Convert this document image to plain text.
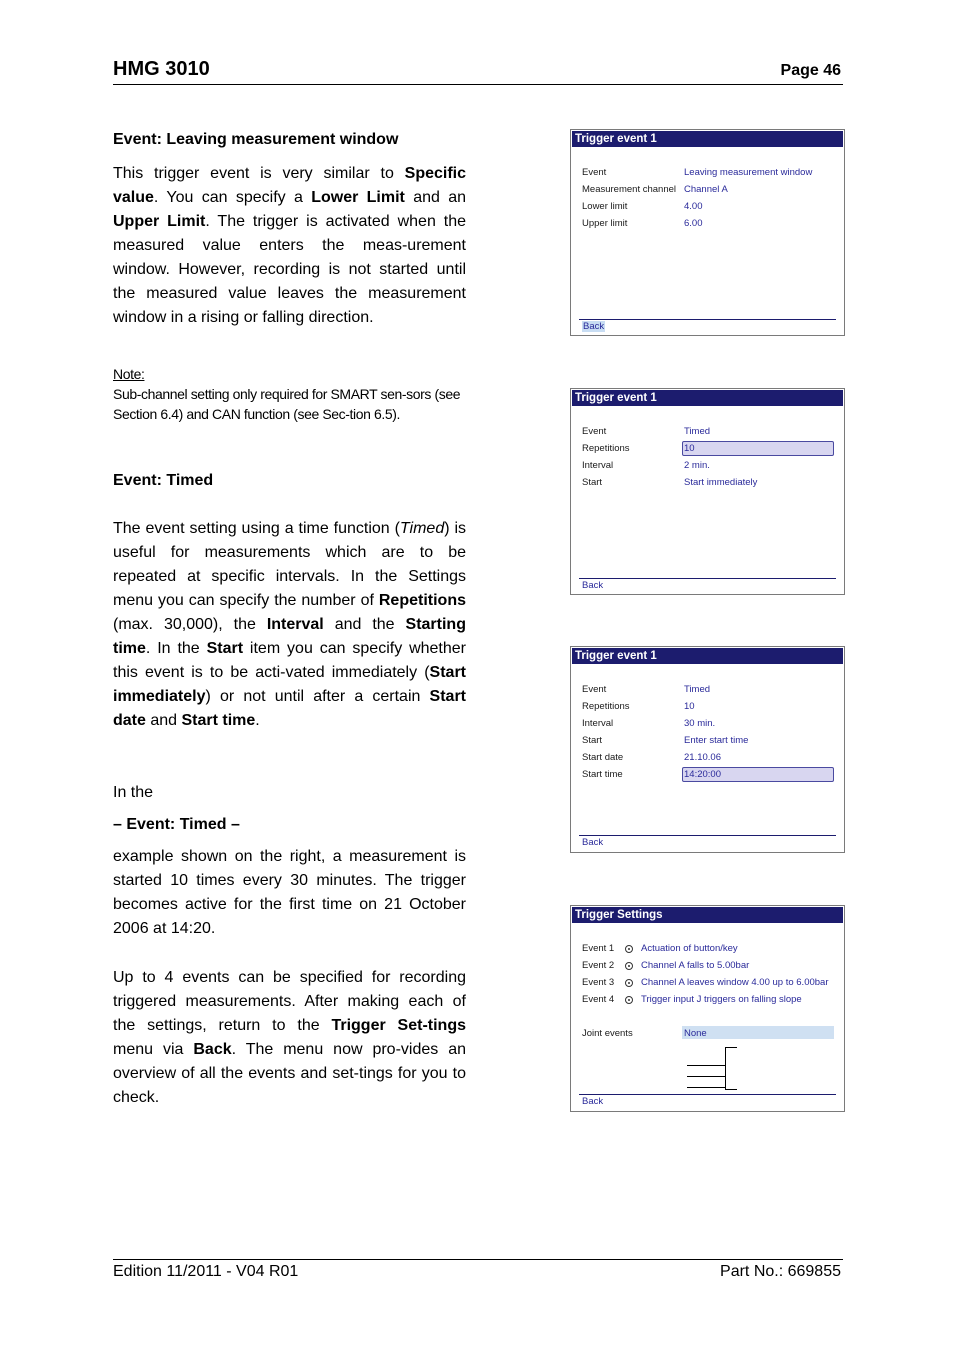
HMG 3010	Page 46

Event: Leaving measurement window

This trigger event is very similar to Specific value. You can specify a Lower Limit and an Upper Limit. The trigger is activated when the measured value enters the meas-urement window. However, recording is not started until the measured value leaves the measurement window in a rising or falling direction.

Note:
Sub-channel setting only required for SMART sen-sors (see Section 6.4) and CAN function (see Sec-tion 6.5).

Event: Timed

The event setting using a time function (Timed) is useful for measurements which are to be repeated at specific intervals. In the Settings menu you can specify the number of Repetitions (max. 30,000), the Interval and the Starting time. In the Start item you can specify whether this event is to be acti-vated immediately (Start immediately) or not until after a certain Start date and Start time.

In the

– Event: Timed –

example shown on the right, a measurement is started 10 times every 30 minutes. The trigger becomes active for the first time on 21 October 2006 at 14:20.

Up to 4 events can be specified for recording triggered measurements. After making each of the settings, return to the Trigger Set-tings menu via Back. The menu now pro-vides an overview of all the events and set-tings for you to check.

Trigger event 1
Event	Leaving measurement window
Measurement channel Channel A
Lower limit	4.00
Upper limit	6.00
Back
Trigger event 1
Event	Timed
Repetitions	10
Interval	2 min.
Start	Start immediately
Back
Trigger event 1
Event	Timed
Repetitions	10
Interval	30 min.
Start	Enter start time
Start date	21.10.06
Start time	14:20:00
Back
Trigger Settings
Event 1	Actuation of button/key
Event 2	Channel A falls to 5.00bar
Event 3	Channel A leaves window 4.00 up to 6.00bar
Event 4	Trigger input J triggers on falling slope
Joint events	None
Back
Edition 11/2011 - V04 R01	Part No.: 669855
